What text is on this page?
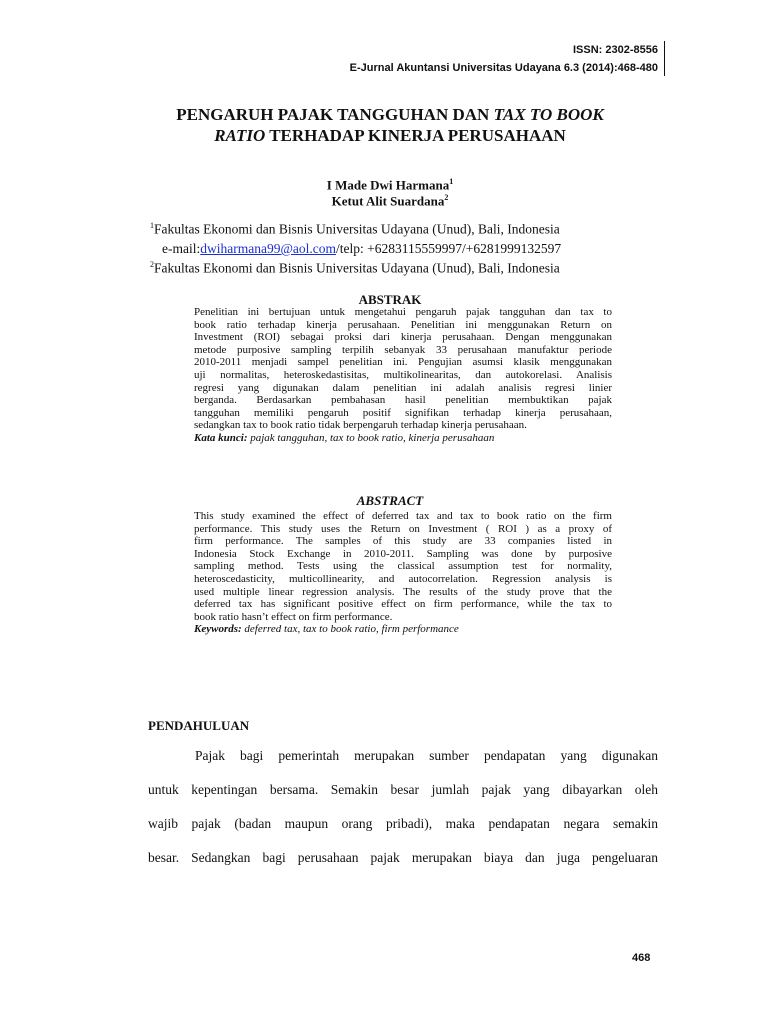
ISSN: 2302-8556
E-Jurnal Akuntansi Universitas Udayana 6.3 (2014):468-480
PENGARUH PAJAK TANGGUHAN DAN TAX TO BOOK
RATIO TERHADAP KINERJA PERUSAHAAN
I Made Dwi Harmana$^1$
Ketut Alit Suardana$^2$
$^1$Fakultas Ekonomi dan Bisnis Universitas Udayana (Unud), Bali, Indonesia
e-mail:dwiharmana99@aol.com/telp: +6283115559997/+6281999132597
$^2$Fakultas Ekonomi dan Bisnis Universitas Udayana (Unud), Bali, Indonesia
ABSTRAK
Penelitian ini bertujuan untuk mengetahui pengaruh pajak tangguhan dan tax to
book ratio terhadap kinerja perusahaan. Penelitian ini menggunakan Return on
Investment (ROI) sebagai proksi dari kinerja perusahaan. Dengan menggunakan
metode purposive sampling terpilih sebanyak 33 perusahaan manufaktur periode
2010-2011 menjadi sampel penelitian ini. Pengujian asumsi klasik menggunakan
uji normalitas, heteroskedastisitas, multikolinearitas, dan autokorelasi. Analisis
regresi yang digunakan dalam penelitian ini adalah analisis regresi linier
berganda. Berdasarkan pembahasan hasil penelitian membuktikan pajak
tangguhan memiliki pengaruh positif signifikan terhadap kinerja perusahaan,
sedangkan tax to book ratio tidak berpengaruh terhadap kinerja perusahaan.
Kata kunci: pajak tangguhan, tax to book ratio, kinerja perusahaan
ABSTRACT
This study examined the effect of deferred tax and tax to book ratio on the firm
performance. This study uses the Return on Investment ( ROI ) as a proxy of
firm performance. The samples of this study are 33 companies listed in
Indonesia Stock Exchange in 2010-2011. Sampling was done by purposive
sampling method. Tests using the classical assumption test for normality,
heteroscedasticity, multicollinearity, and autocorrelation. Regression analysis is
used multiple linear regression analysis. The results of the study prove that the
deferred tax has significant positive effect on firm performance, while the tax to
book ratio hasn’t effect on firm performance.
Keywords: deferred tax, tax to book ratio, firm performance
PENDAHULUAN
Pajak bagi pemerintah merupakan sumber pendapatan yang digunakan
untuk kepentingan bersama. Semakin besar jumlah pajak yang dibayarkan oleh
wajib pajak (badan maupun orang pribadi), maka pendapatan negara semakin
besar. Sedangkan bagi perusahaan pajak merupakan biaya dan juga pengeluaran
468
